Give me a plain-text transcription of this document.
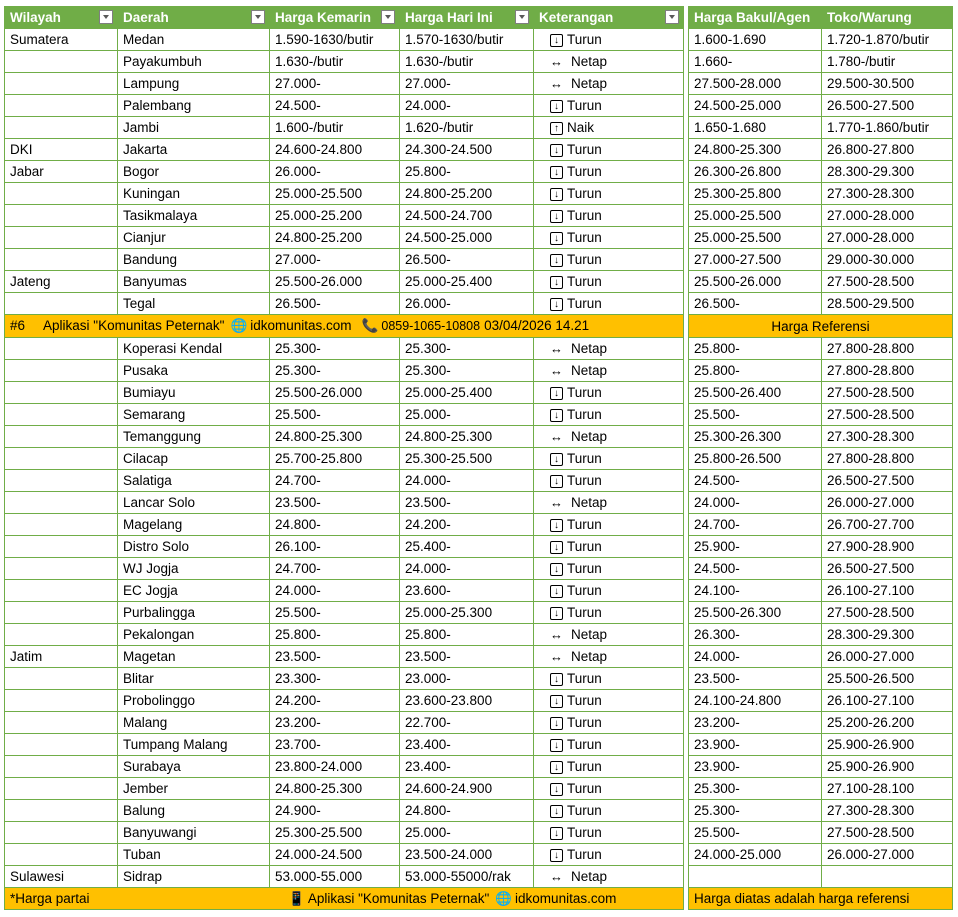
Wilayah	Daerah	Harga Kemarin	Harga Hari Ini	Keterangan		Harga Bakul/Agen	Toko/Warung
Sumatera	Medan	1.590-1630/butir	1.570-1630/butir	↓ Turun		1.600-1.690	1.720-1.870/butir
	Payakumbuh	1.630-/butir	1.630-/butir	↔ Netap		1.660-	1.780-/butir
	Lampung	27.000-	27.000-	↔ Netap		27.500-28.000	29.500-30.500
	Palembang	24.500-	24.000-	↓ Turun		24.500-25.000	26.500-27.500
	Jambi	1.600-/butir	1.620-/butir	↑ Naik		1.650-1.680	1.770-1.860/butir
DKI	Jakarta	24.600-24.800	24.300-24.500	↓ Turun		24.800-25.300	26.800-27.800
Jabar	Bogor	26.000-	25.800-	↓ Turun		26.300-26.800	28.300-29.300
	Kuningan	25.000-25.500	24.800-25.200	↓ Turun		25.300-25.800	27.300-28.300
	Tasikmalaya	25.000-25.200	24.500-24.700	↓ Turun		25.000-25.500	27.000-28.000
	Cianjur	24.800-25.200	24.500-25.000	↓ Turun		25.000-25.500	27.000-28.000
	Bandung	27.000-	26.500-	↓ Turun		27.000-27.500	29.000-30.000
Jateng	Banyumas	25.500-26.000	25.000-25.400	↓ Turun		25.500-26.000	27.500-28.500
	Tegal	26.500-	26.000-	↓ Turun		26.500-	28.500-29.500
#6 Aplikasi "Komunitas Peternak" 🌐 idkomunitas.com 📞 0859-1065-10808 03/04/2026 14.21						Harga Referensi	
	Koperasi Kendal	25.300-	25.300-	↔ Netap		25.800-	27.800-28.800
	Pusaka	25.300-	25.300-	↔ Netap		25.800-	27.800-28.800
	Bumiayu	25.500-26.000	25.000-25.400	↓ Turun		25.500-26.400	27.500-28.500
	Semarang	25.500-	25.000-	↓ Turun		25.500-	27.500-28.500
	Temanggung	24.800-25.300	24.800-25.300	↔ Netap		25.300-26.300	27.300-28.300
	Cilacap	25.700-25.800	25.300-25.500	↓ Turun		25.800-26.500	27.800-28.800
	Salatiga	24.700-	24.000-	↓ Turun		24.500-	26.500-27.500
	Lancar Solo	23.500-	23.500-	↔ Netap		24.000-	26.000-27.000
	Magelang	24.800-	24.200-	↓ Turun		24.700-	26.700-27.700
	Distro Solo	26.100-	25.400-	↓ Turun		25.900-	27.900-28.900
	WJ Jogja	24.700-	24.000-	↓ Turun		24.500-	26.500-27.500
	EC Jogja	24.000-	23.600-	↓ Turun		24.100-	26.100-27.100
	Purbalingga	25.500-	25.000-25.300	↓ Turun		25.500-26.300	27.500-28.500
	Pekalongan	25.800-	25.800-	↔ Netap		26.300-	28.300-29.300
Jatim	Magetan	23.500-	23.500-	↔ Netap		24.000-	26.000-27.000
	Blitar	23.300-	23.000-	↓ Turun		23.500-	25.500-26.500
	Probolinggo	24.200-	23.600-23.800	↓ Turun		24.100-24.800	26.100-27.100
	Malang	23.200-	22.700-	↓ Turun		23.200-	25.200-26.200
	Tumpang Malang	23.700-	23.400-	↓ Turun		23.900-	25.900-26.900
	Surabaya	23.800-24.000	23.400-	↓ Turun		23.900-	25.900-26.900
	Jember	24.800-25.300	24.600-24.900	↓ Turun		25.300-	27.100-28.100
	Balung	24.900-	24.800-	↓ Turun		25.300-	27.300-28.300
	Banyuwangi	25.300-25.500	25.000-	↓ Turun		25.500-	27.500-28.500
	Tuban	24.000-24.500	23.500-24.000	↓ Turun		24.000-25.000	26.000-27.000
Sulawesi	Sidrap	53.000-55.000	53.000-55000/rak	↔ Netap			
*Harga partai 📱 Aplikasi "Komunitas Peternak" 🌐 idkomunitas.com						Harga diatas adalah harga referensi	
